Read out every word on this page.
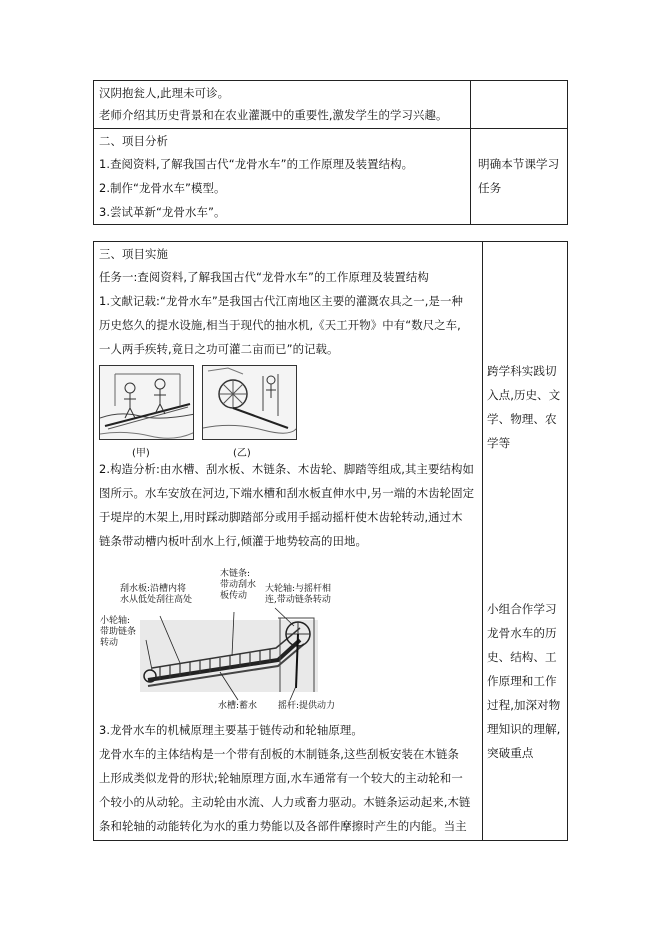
汉阴抱瓮人,此理未可诊。
老师介绍其历史背景和在农业灌溉中的重要性,激发学生的学习兴趣。
二、项目分析
1.查阅资料,了解我国古代“龙骨水车”的工作原理及装置结构。
2.制作“龙骨水车”模型。
3.尝试革新“龙骨水车”。
明确本节课学习
任务
三、项目实施
任务一:查阅资料,了解我国古代“龙骨水车”的工作原理及装置结构
1.文献记载:“龙骨水车”是我国古代江南地区主要的灌溉农具之一,是一种
历史悠久的提水设施,相当于现代的抽水机,《天工开物》中有“数尺之车,
一人两手疾转,竟日之功可灌二亩而已”的记载。
(甲)	(乙)
2.构造分析:由水槽、刮水板、木链条、木齿轮、脚踏等组成,其主要结构如
图所示。水车安放在河边,下端水槽和刮水板直伸水中,另一端的木齿轮固定
于堤岸的木架上,用时踩动脚踏部分或用手摇动摇杆使木齿轮转动,通过木
链条带动槽内板叶刮水上行,倾灌于地势较高的田地。
刮水板:沿槽内将
水从低处刮往高处
木链条:
带动刮水
板传动
大轮轴:与摇杆相
连,带动链条转动
小轮轴:
带助链条
转动
水槽:蓄水 摇杆:提供动力
3.龙骨水车的机械原理主要基于链传动和轮轴原理。
龙骨水车的主体结构是一个带有刮板的木制链条,这些刮板安装在木链条
上形成类似龙骨的形状;轮轴原理方面,水车通常有一个较大的主动轮和一
个较小的从动轮。主动轮由水流、人力或畜力驱动。木链条运动起来,木链
条和轮轴的动能转化为水的重力势能以及各部件摩擦时产生的内能。当主
跨学科实践切
入点,历史、文
学、物理、农
学等
小组合作学习
龙骨水车的历
史、结构、工
作原理和工作
过程,加深对物
理知识的理解,
突破重点
